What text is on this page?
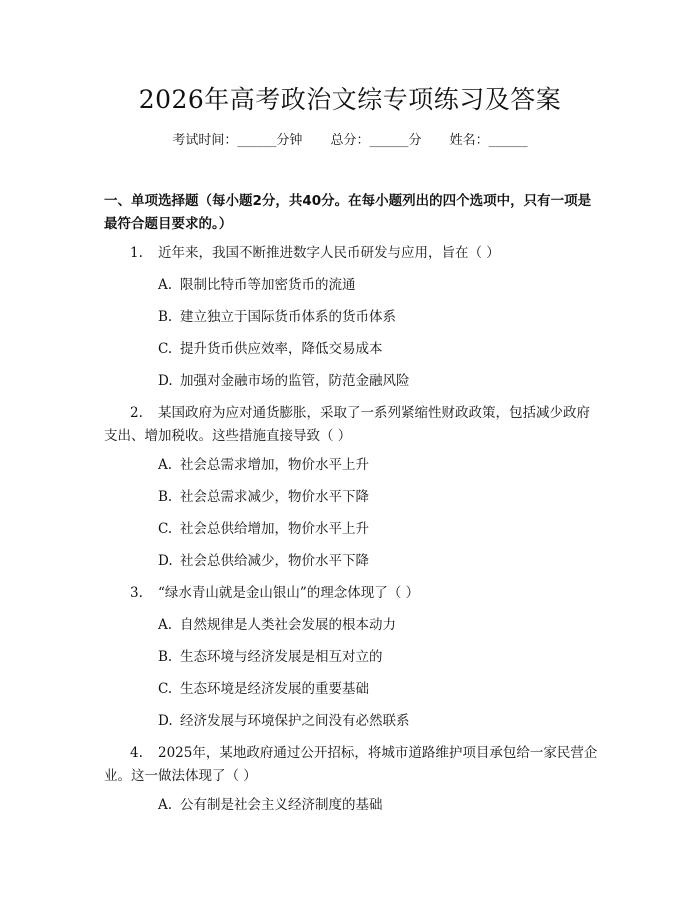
2026年高考政治文综专项练习及答案
考试时间：______分钟 总分：______分 姓名：______
一、单项选择题（每小题2分，共40分。在每小题列出的四个选项中，只有一项是最符合题目要求的。）
1. 近年来，我国不断推进数字人民币研发与应用，旨在（ ）
A. 限制比特币等加密货币的流通
B. 建立独立于国际货币体系的货币体系
C. 提升货币供应效率，降低交易成本
D. 加强对金融市场的监管，防范金融风险
2. 某国政府为应对通货膨胀，采取了一系列紧缩性财政政策，包括减少政府支出、增加税收。这些措施直接导致（ ）
A. 社会总需求增加，物价水平上升
B. 社会总需求减少，物价水平下降
C. 社会总供给增加，物价水平上升
D. 社会总供给减少，物价水平下降
3. “绿水青山就是金山银山”的理念体现了（ ）
A. 自然规律是人类社会发展的根本动力
B. 生态环境与经济发展是相互对立的
C. 生态环境是经济发展的重要基础
D. 经济发展与环境保护之间没有必然联系
4. 2025年，某地政府通过公开招标，将城市道路维护项目承包给一家民营企业。这一做法体现了（ ）
A. 公有制是社会主义经济制度的基础
